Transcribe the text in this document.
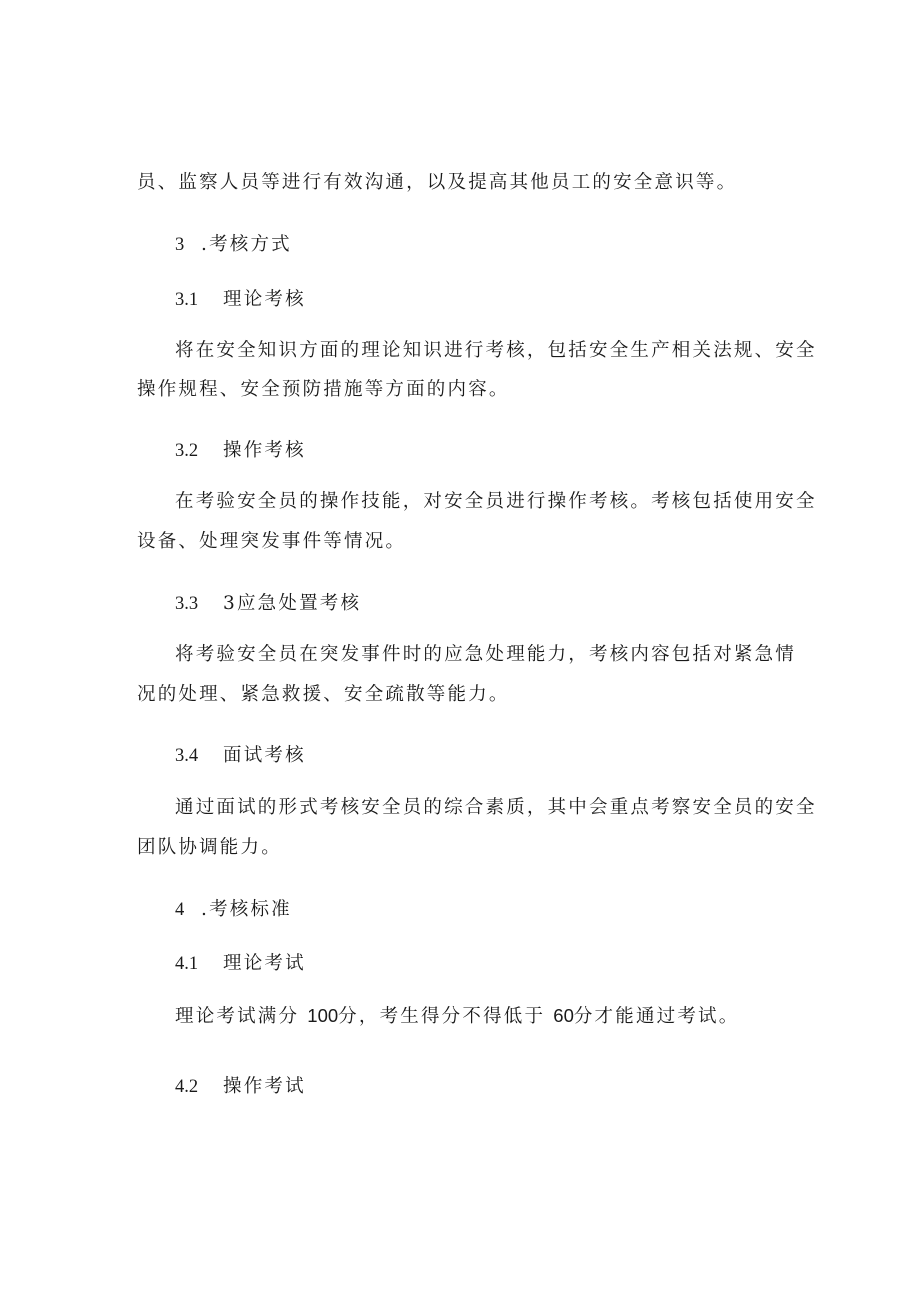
员、监察人员等进行有效沟通，以及提高其他员工的安全意识等。
3 .考核方式
3.1 理论考核
将在安全知识方面的理论知识进行考核，包括安全生产相关法规、安全
操作规程、安全预防措施等方面的内容。
3.2 操作考核
在考验安全员的操作技能，对安全员进行操作考核。考核包括使用安全
设备、处理突发事件等情况。
3.3 3应急处置考核
将考验安全员在突发事件时的应急处理能力，考核内容包括对紧急情
况的处理、紧急救援、安全疏散等能力。
3.4 面试考核
通过面试的形式考核安全员的综合素质，其中会重点考察安全员的安全
团队协调能力。
4 .考核标准
4.1 理论考试
理论考试满分 100分，考生得分不得低于 60分才能通过考试。
4.2 操作考试
